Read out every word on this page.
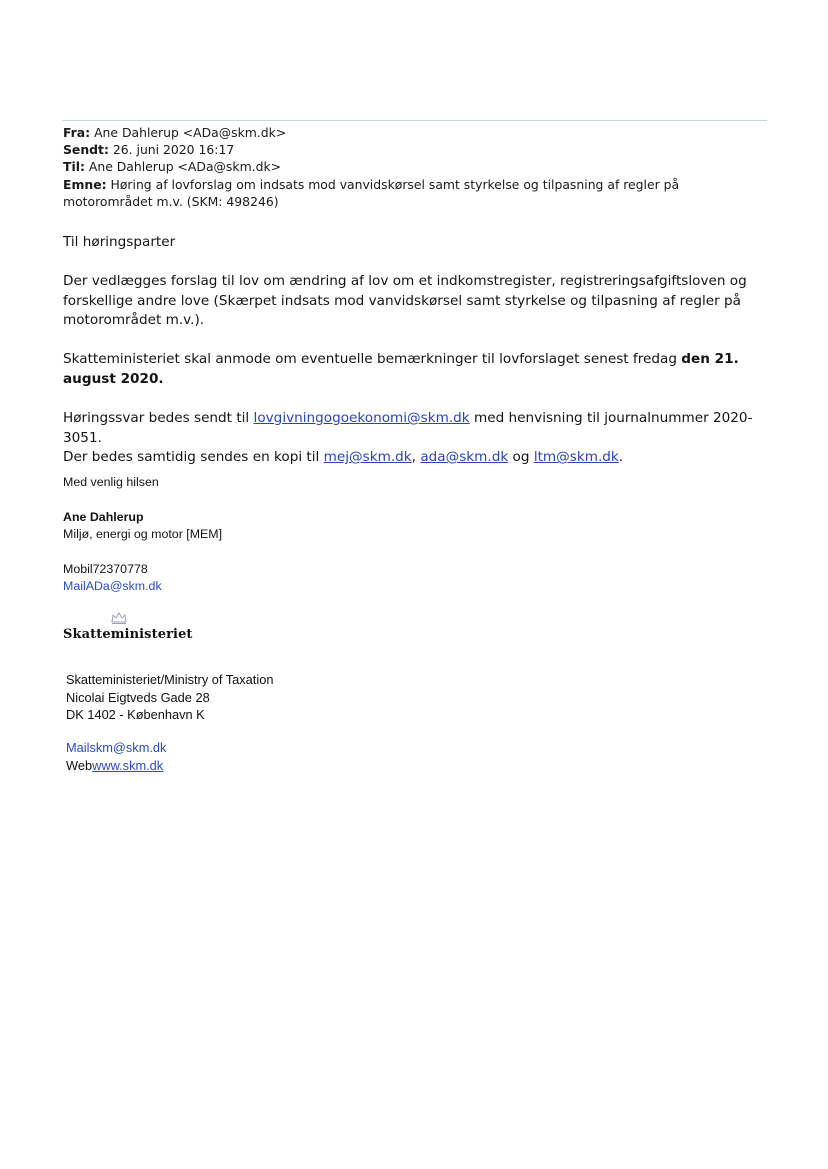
Fra: Ane Dahlerup <ADa@skm.dk>
Sendt: 26. juni 2020 16:17
Til: Ane Dahlerup <ADa@skm.dk>
Emne: Høring af lovforslag om indsats mod vanvidskørsel samt styrkelse og tilpasning af regler på motorområdet m.v. (SKM: 498246)
Til høringsparter
Der vedlægges forslag til lov om ændring af lov om et indkomstregister, registreringsafgiftsloven og forskellige andre love (Skærpet indsats mod vanvidskørsel samt styrkelse og tilpasning af regler på motorområdet m.v.).
Skatteministeriet skal anmode om eventuelle bemærkninger til lovforslaget senest fredag den 21. august 2020.
Høringssvar bedes sendt til lovgivningogoekonomi@skm.dk med henvisning til journalnummer 2020-3051.
Der bedes samtidig sendes en kopi til mej@skm.dk, ada@skm.dk og ltm@skm.dk.
Med venlig hilsen
Ane Dahlerup
Miljø, energi og motor [MEM]
Mobil72370778
MailADa@skm.dk
Skatteministeriet
Skatteministeriet/Ministry of Taxation
Nicolai Eigtveds Gade 28
DK 1402 - København K
Mailskm@skm.dk
Webwww.skm.dk
